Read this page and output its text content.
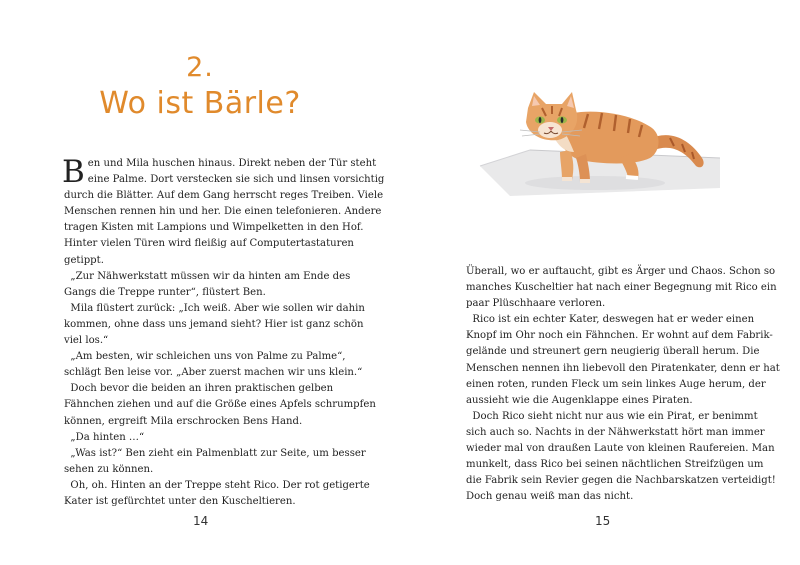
2.
Wo ist Bärle?
B en und Mila huschen hinaus. Direkt neben der Tür steht
eine Palme. Dort verstecken sie sich und linsen vorsichtig
durch die Blätter. Auf dem Gang herrscht reges Treiben. Viele
Menschen rennen hin und her. Die einen telefonieren. Andere
tragen Kisten mit Lampions und Wimpelketten in den Hof.
Hinter vielen Türen wird fleißig auf Computertastaturen
getippt.
„Zur Nähwerkstatt müssen wir da hinten am Ende des
Gangs die Treppe runter“, flüstert Ben.
Mila flüstert zurück: „Ich weiß. Aber wie sollen wir dahin
kommen, ohne dass uns jemand sieht? Hier ist ganz schön
viel los.“
„Am besten, wir schleichen uns von Palme zu Palme“,
schlägt Ben leise vor. „Aber zuerst machen wir uns klein.“
Doch bevor die beiden an ihren praktischen gelben
Fähnchen ziehen und auf die Größe eines Apfels schrumpfen
können, ergreift Mila erschrocken Bens Hand.
„Da hinten …“
„Was ist?“ Ben zieht ein Palmenblatt zur Seite, um besser
sehen zu können.
Oh, oh. Hinten an der Treppe steht Rico. Der rot getigerte
Kater ist gefürchtet unter den Kuscheltieren.
14
Überall, wo er auftaucht, gibt es Ärger und Chaos. Schon so
manches Kuscheltier hat nach einer Begegnung mit Rico ein
paar Plüschhaare verloren.
Rico ist ein echter Kater, deswegen hat er weder einen
Knopf im Ohr noch ein Fähnchen. Er wohnt auf dem Fabrik-
gelände und streunert gern neugierig überall herum. Die
Menschen nennen ihn liebevoll den Piratenkater, denn er hat
einen roten, runden Fleck um sein linkes Auge herum, der
aussieht wie die Augenklappe eines Piraten.
Doch Rico sieht nicht nur aus wie ein Pirat, er benimmt
sich auch so. Nachts in der Nähwerkstatt hört man immer
wieder mal von draußen Laute von kleinen Raufereien. Man
munkelt, dass Rico bei seinen nächtlichen Streifzügen um
die Fabrik sein Revier gegen die Nachbarskatzen verteidigt!
Doch genau weiß man das nicht.
15
